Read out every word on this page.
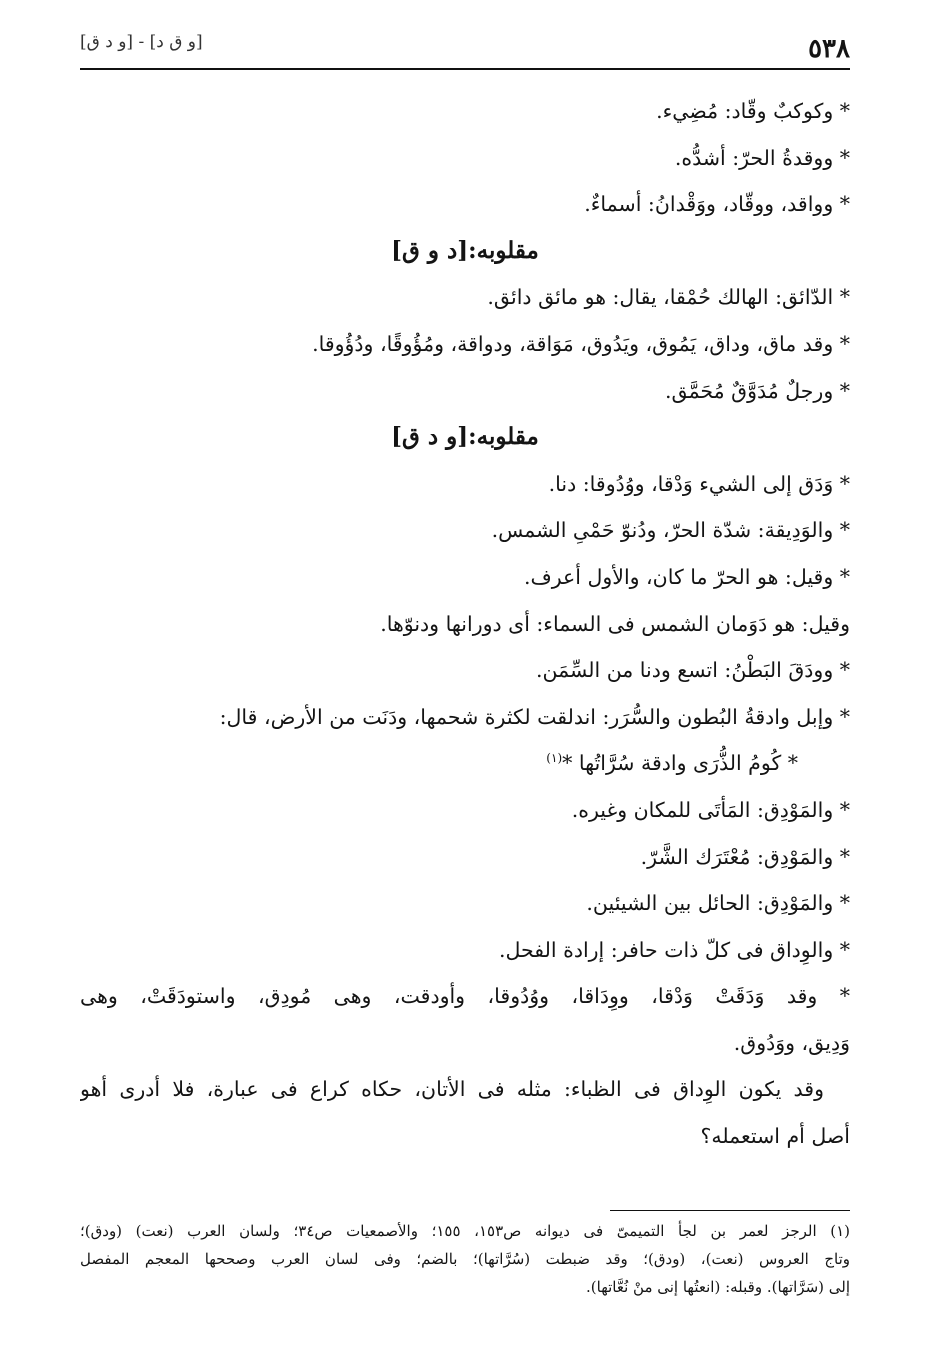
٥٣٨
[و ق د] - [و د ق]
* وكوكبٌ وقّاد: مُضِيء.
* ووقدةُ الحرّ: أشدُّه.
* وواقد، ووقّاد، ووَقْدانُ: أسماءٌ.
مقلوبه:[د و ق]
* الدّائق: الهالك حُمْقا، يقال: هو مائق دائق.
* وقد ماق، وداق، يَمُوق، ويَدُوق، مَوَاقة، ودواقة، ومُؤُوقًا، ودُؤُوقا.
* ورجلٌ مُدَوَّقٌ مُحَمَّق.
مقلوبه:[و د ق]
* وَدَق إلى الشيء وَدْقا، ووُدُوقا: دنا.
* والوَدِيقة: شدّة الحرّ، ودُنوّ حَمْىِ الشمس.
* وقيل: هو الحرّ ما كان، والأول أعرف.
وقيل: هو دَوَمان الشمس فى السماء: أى دورانها ودنوّها.
* وودَقَ البَطْنُ: اتسع ودنا من السِّمَن.
* وإبل وادقةُ البُطون والسُّرَر: اندلقت لكثرة شحمها، ودَنَت من الأرض، قال:
* كُومُ الذُّرَى وادقة سُرَّاتُها *$^{(١)}$
* والمَوْدِق: المَأتَى للمكان وغيره.
* والمَوْدِق: مُعْتَرَك الشَّرّ.
* والمَوْدِق: الحائل بين الشيئين.
* والوِداق فى كلّ ذات حافر: إرادة الفحل.
* وقد وَدَقَتْ وَدْقا، ووِدَاقا، ووُدُوقا، وأودقت، وهى مُودِق، واستودَقَتْ، وهى
وَدِيق، ووَدُوق.
وقد يكون الوِداق فى الظباء: مثله فى الأتان، حكاه كراع فى عبارة، فلا أدرى أهو
أصل أم استعمله؟
(١) الرجز لعمر بن لجأ التميمىّ فى ديوانه ص١٥٣، ١٥٥؛ والأصمعيات ص٣٤؛ ولسان العرب (نعت) (ودق)؛
وتاج العروس (نعت)، (ودق)؛ وقد ضبطت (سُرَّاتها)؛ بالضم؛ وفى لسان العرب وصححها المعجم المفصل
إلى (سَرَّاتها). وقبله: (انعتُها إنى منْ نُعَّاتها).
